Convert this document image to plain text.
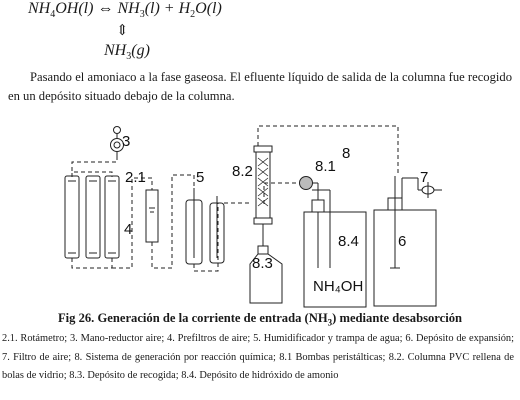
$NH_4OH(l)$ ⇔ $NH_3(l) + H_2O(l)$
⇕
$NH_3(g)$
Pasando el amoniaco a la fase gaseosa. El efluente líquido de salida de la columna fue recogido en un depósito situado debajo de la columna.
3
2.1
4
5 8.2	8.1
8
7
8.3
8.4	6
NH₄OH
Fig 26. Generación de la corriente de entrada $(NH_3)$ mediante desabsorción
2.1. Rotámetro; 3. Mano-reductor aire; 4. Prefiltros de aire; 5. Humidificador y trampa de agua; 6. Depósito de expansión; 7. Filtro de aire; 8. Sistema de generación por reacción química; 8.1 Bombas peristálticas; 8.2. Columna PVC rellena de bolas de vidrio; 8.3. Depósito de recogida; 8.4. Depósito de hidróxido de amonio
